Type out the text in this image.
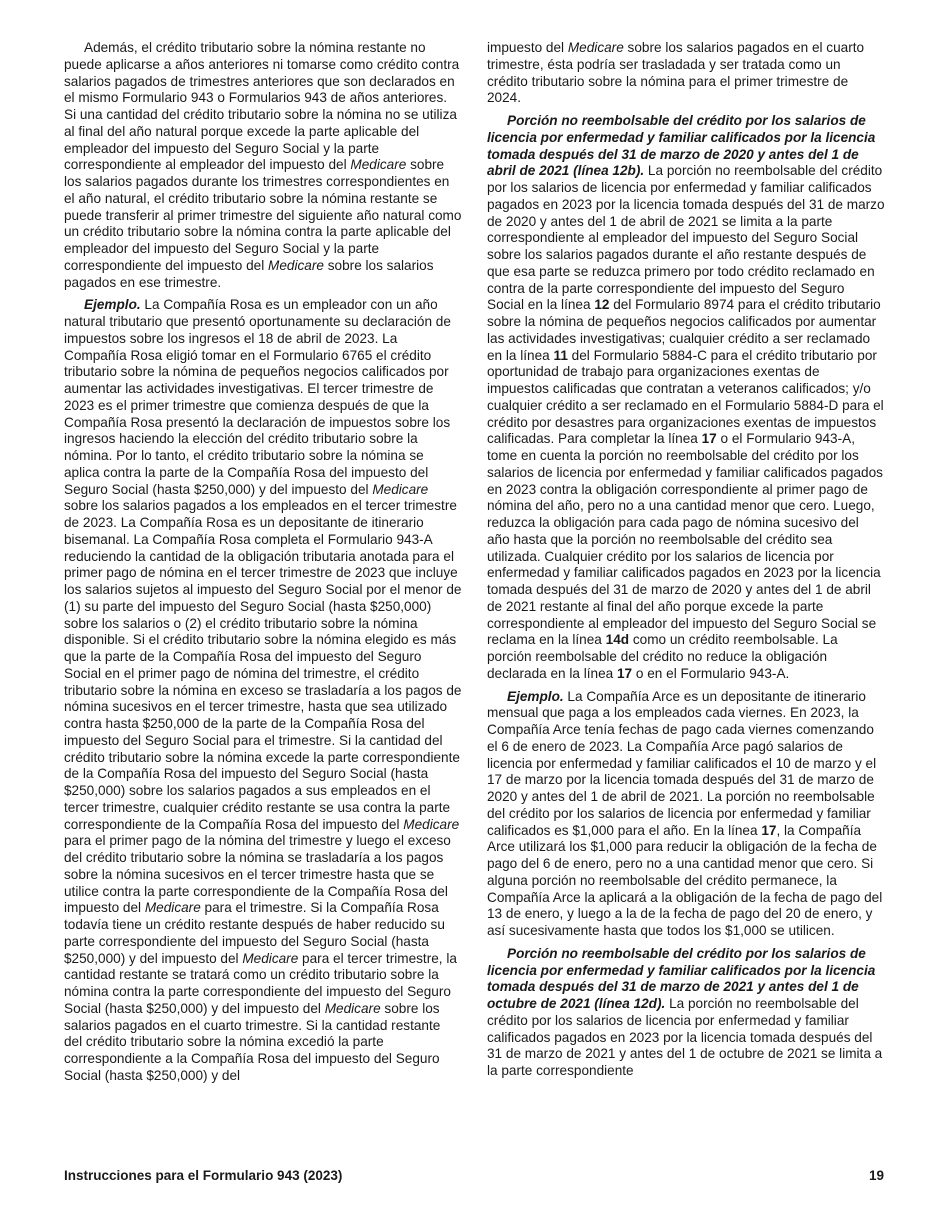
Además, el crédito tributario sobre la nómina restante no puede aplicarse a años anteriores ni tomarse como crédito contra salarios pagados de trimestres anteriores que son declarados en el mismo Formulario 943 o Formularios 943 de años anteriores. Si una cantidad del crédito tributario sobre la nómina no se utiliza al final del año natural porque excede la parte aplicable del empleador del impuesto del Seguro Social y la parte correspondiente al empleador del impuesto del Medicare sobre los salarios pagados durante los trimestres correspondientes en el año natural, el crédito tributario sobre la nómina restante se puede transferir al primer trimestre del siguiente año natural como un crédito tributario sobre la nómina contra la parte aplicable del empleador del impuesto del Seguro Social y la parte correspondiente del impuesto del Medicare sobre los salarios pagados en ese trimestre.

Ejemplo. La Compañía Rosa es un empleador con un año natural tributario que presentó oportunamente su declaración de impuestos sobre los ingresos el 18 de abril de 2023. La Compañía Rosa eligió tomar en el Formulario 6765 el crédito tributario sobre la nómina de pequeños negocios calificados por aumentar las actividades investigativas. El tercer trimestre de 2023 es el primer trimestre que comienza después de que la Compañía Rosa presentó la declaración de impuestos sobre los ingresos haciendo la elección del crédito tributario sobre la nómina. Por lo tanto, el crédito tributario sobre la nómina se aplica contra la parte de la Compañía Rosa del impuesto del Seguro Social (hasta $250,000) y del impuesto del Medicare sobre los salarios pagados a los empleados en el tercer trimestre de 2023. La Compañía Rosa es un depositante de itinerario bisemanal. La Compañía Rosa completa el Formulario 943-A reduciendo la cantidad de la obligación tributaria anotada para el primer pago de nómina en el tercer trimestre de 2023 que incluye los salarios sujetos al impuesto del Seguro Social por el menor de (1) su parte del impuesto del Seguro Social (hasta $250,000) sobre los salarios o (2) el crédito tributario sobre la nómina disponible. Si el crédito tributario sobre la nómina elegido es más que la parte de la Compañía Rosa del impuesto del Seguro Social en el primer pago de nómina del trimestre, el crédito tributario sobre la nómina en exceso se trasladaría a los pagos de nómina sucesivos en el tercer trimestre, hasta que sea utilizado contra hasta $250,000 de la parte de la Compañía Rosa del impuesto del Seguro Social para el trimestre. Si la cantidad del crédito tributario sobre la nómina excede la parte correspondiente de la Compañía Rosa del impuesto del Seguro Social (hasta $250,000) sobre los salarios pagados a sus empleados en el tercer trimestre, cualquier crédito restante se usa contra la parte correspondiente de la Compañía Rosa del impuesto del Medicare para el primer pago de la nómina del trimestre y luego el exceso del crédito tributario sobre la nómina se trasladaría a los pagos sobre la nómina sucesivos en el tercer trimestre hasta que se utilice contra la parte correspondiente de la Compañía Rosa del impuesto del Medicare para el trimestre. Si la Compañía Rosa todavía tiene un crédito restante después de haber reducido su parte correspondiente del impuesto del Seguro Social (hasta $250,000) y del impuesto del Medicare para el tercer trimestre, la cantidad restante se tratará como un crédito tributario sobre la nómina contra la parte correspondiente del impuesto del Seguro Social (hasta $250,000) y del impuesto del Medicare sobre los salarios pagados en el cuarto trimestre. Si la cantidad restante del crédito tributario sobre la nómina excedió la parte correspondiente a la Compañía Rosa del impuesto del Seguro Social (hasta $250,000) y del

impuesto del Medicare sobre los salarios pagados en el cuarto trimestre, ésta podría ser trasladada y ser tratada como un crédito tributario sobre la nómina para el primer trimestre de 2024.

Porción no reembolsable del crédito por los salarios de licencia por enfermedad y familiar calificados por la licencia tomada después del 31 de marzo de 2020 y antes del 1 de abril de 2021 (línea 12b). La porción no reembolsable del crédito por los salarios de licencia por enfermedad y familiar calificados pagados en 2023 por la licencia tomada después del 31 de marzo de 2020 y antes del 1 de abril de 2021 se limita a la parte correspondiente al empleador del impuesto del Seguro Social sobre los salarios pagados durante el año restante después de que esa parte se reduzca primero por todo crédito reclamado en contra de la parte correspondiente del impuesto del Seguro Social en la línea 12 del Formulario 8974 para el crédito tributario sobre la nómina de pequeños negocios calificados por aumentar las actividades investigativas; cualquier crédito a ser reclamado en la línea 11 del Formulario 5884-C para el crédito tributario por oportunidad de trabajo para organizaciones exentas de impuestos calificadas que contratan a veteranos calificados; y/o cualquier crédito a ser reclamado en el Formulario 5884-D para el crédito por desastres para organizaciones exentas de impuestos calificadas. Para completar la línea 17 o el Formulario 943-A, tome en cuenta la porción no reembolsable del crédito por los salarios de licencia por enfermedad y familiar calificados pagados en 2023 contra la obligación correspondiente al primer pago de nómina del año, pero no a una cantidad menor que cero. Luego, reduzca la obligación para cada pago de nómina sucesivo del año hasta que la porción no reembolsable del crédito sea utilizada. Cualquier crédito por los salarios de licencia por enfermedad y familiar calificados pagados en 2023 por la licencia tomada después del 31 de marzo de 2020 y antes del 1 de abril de 2021 restante al final del año porque excede la parte correspondiente al empleador del impuesto del Seguro Social se reclama en la línea 14d como un crédito reembolsable. La porción reembolsable del crédito no reduce la obligación declarada en la línea 17 o en el Formulario 943-A.

Ejemplo. La Compañía Arce es un depositante de itinerario mensual que paga a los empleados cada viernes. En 2023, la Compañía Arce tenía fechas de pago cada viernes comenzando el 6 de enero de 2023. La Compañía Arce pagó salarios de licencia por enfermedad y familiar calificados el 10 de marzo y el 17 de marzo por la licencia tomada después del 31 de marzo de 2020 y antes del 1 de abril de 2021. La porción no reembolsable del crédito por los salarios de licencia por enfermedad y familiar calificados es $1,000 para el año. En la línea 17, la Compañía Arce utilizará los $1,000 para reducir la obligación de la fecha de pago del 6 de enero, pero no a una cantidad menor que cero. Si alguna porción no reembolsable del crédito permanece, la Compañía Arce la aplicará a la obligación de la fecha de pago del 13 de enero, y luego a la de la fecha de pago del 20 de enero, y así sucesivamente hasta que todos los $1,000 se utilicen.

Porción no reembolsable del crédito por los salarios de licencia por enfermedad y familiar calificados por la licencia tomada después del 31 de marzo de 2021 y antes del 1 de octubre de 2021 (línea 12d). La porción no reembolsable del crédito por los salarios de licencia por enfermedad y familiar calificados pagados en 2023 por la licencia tomada después del 31 de marzo de 2021 y antes del 1 de octubre de 2021 se limita a la parte correspondiente

Instrucciones para el Formulario 943 (2023)	19
